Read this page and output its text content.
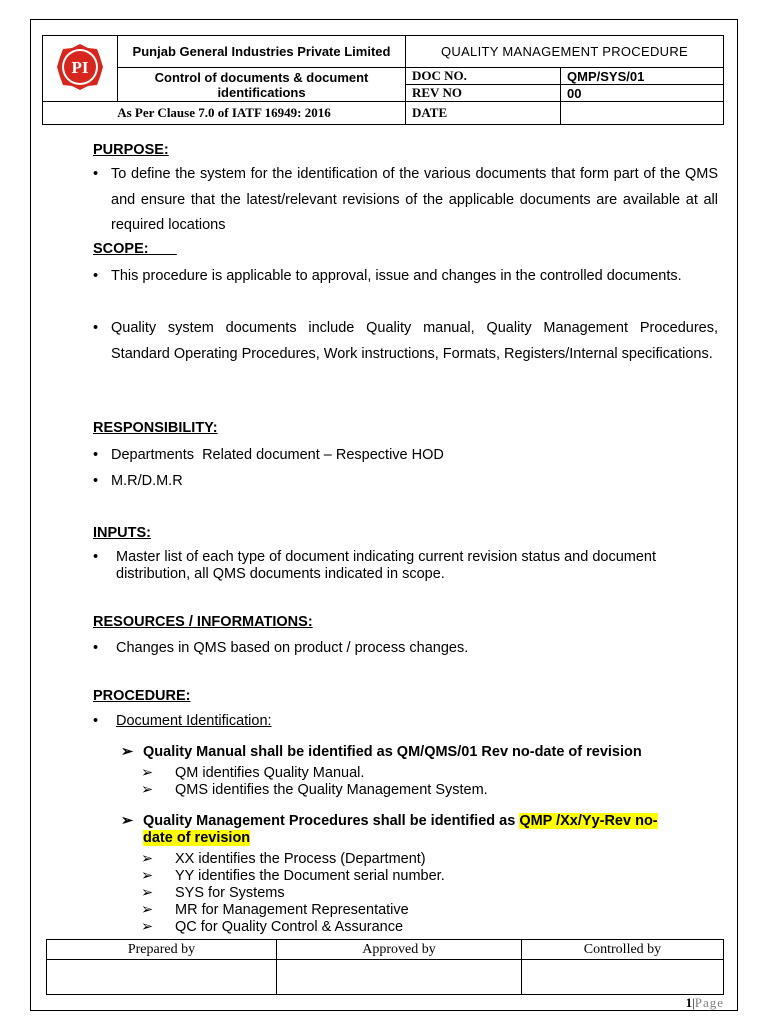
PI	Punjab General Industries Private Limited	QUALITY MANAGEMENT PROCEDURE	
	Control of documents & document identifications	DOC NO.	QMP/SYS/01
		REV NO	00
As Per Clause 7.0 of IATF 16949: 2016		DATE	
PURPOSE:
• To define the system for the identification of the various documents that form part of the QMS and ensure that the latest/relevant revisions of the applicable documents are available at all required locations
SCOPE:
• This procedure is applicable to approval, issue and changes in the controlled documents.
• Quality system documents include Quality manual, Quality Management Procedures, Standard Operating Procedures, Work instructions, Formats, Registers/Internal specifications.
RESPONSIBILITY:
• Departments  Related document – Respective HOD
• M.R/D.M.R
INPUTS:
• Master list of each type of document indicating current revision status and document distribution, all QMS documents indicated in scope.
RESOURCES / INFORMATIONS:
• Changes in QMS based on product / process changes.
PROCEDURE:
• Document Identification:
➢ Quality Manual shall be identified as QM/QMS/01 Rev no-date of revision
➢ QM identifies Quality Manual.
➢ QMS identifies the Quality Management System.
➢ Quality Management Procedures shall be identified as QMP /Xx/Yy-Rev no-
date of revision
➢ XX identifies the Process (Department)
➢ YY identifies the Document serial number.
➢ SYS for Systems
➢ MR for Management Representative
➢ QC for Quality Control & Assurance
Prepared by	Approved by	Controlled by

1|Page
